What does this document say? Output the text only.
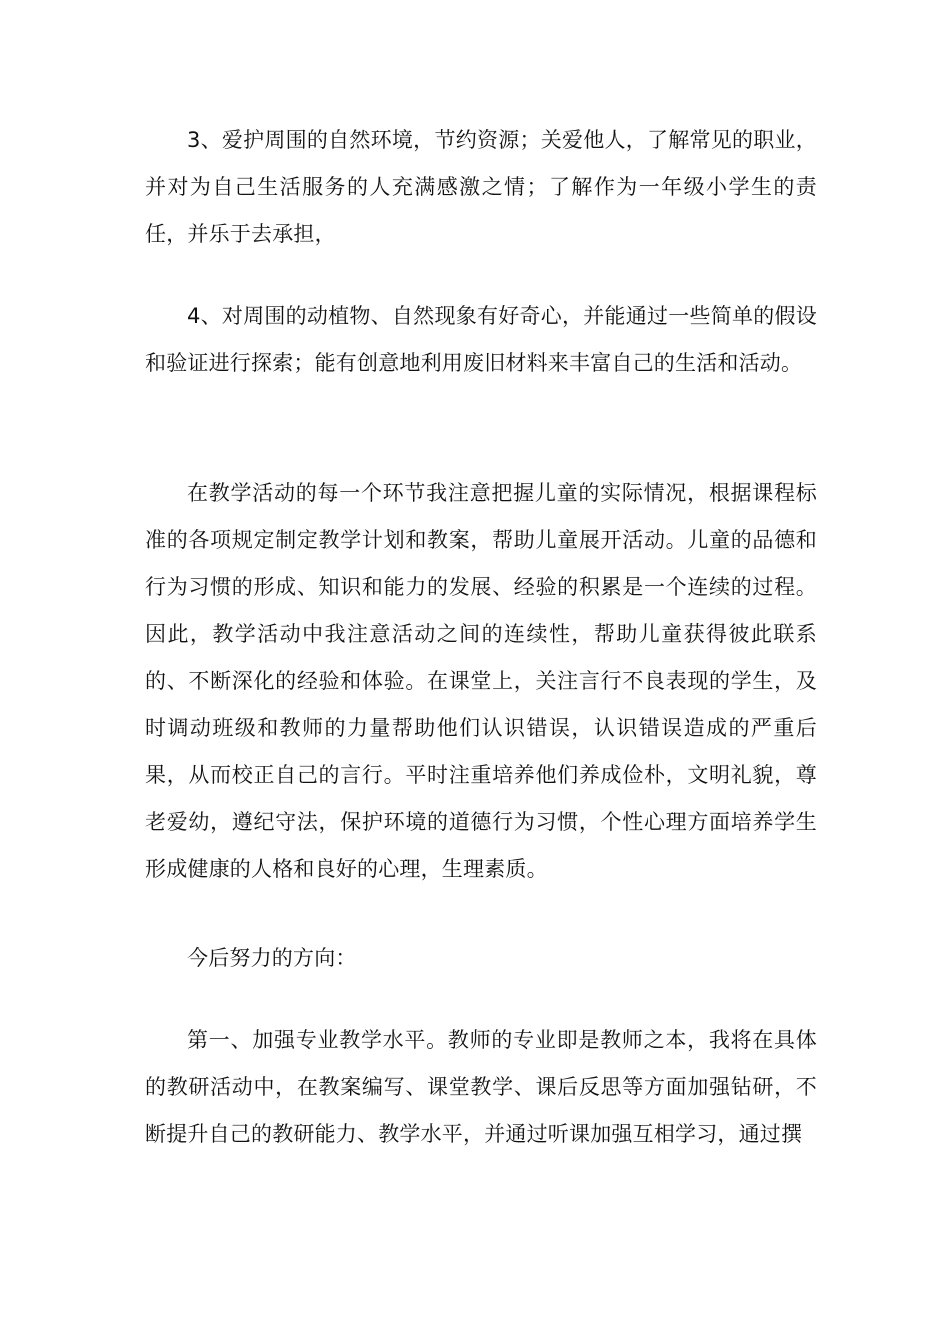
3、爱护周围的自然环境，节约资源；关爱他人，了解常见的职业，并对为自己生活服务的人充满感激之情；了解作为一年级小学生的责任，并乐于去承担，

4、对周围的动植物、自然现象有好奇心，并能通过一些简单的假设和验证进行探索；能有创意地利用废旧材料来丰富自己的生活和活动。

在教学活动的每一个环节我注意把握儿童的实际情况，根据课程标准的各项规定制定教学计划和教案，帮助儿童展开活动。儿童的品德和行为习惯的形成、知识和能力的发展、经验的积累是一个连续的过程。因此，教学活动中我注意活动之间的连续性，帮助儿童获得彼此联系的、不断深化的经验和体验。在课堂上，关注言行不良表现的学生，及时调动班级和教师的力量帮助他们认识错误，认识错误造成的严重后果，从而校正自己的言行。平时注重培养他们养成俭朴，文明礼貌，尊老爱幼，遵纪守法，保护环境的道德行为习惯，个性心理方面培养学生形成健康的人格和良好的心理，生理素质。

今后努力的方向：

第一、加强专业教学水平。教师的专业即是教师之本，我将在具体的教研活动中，在教案编写、课堂教学、课后反思等方面加强钻研，不断提升自己的教研能力、教学水平，并通过听课加强互相学习，通过撰
